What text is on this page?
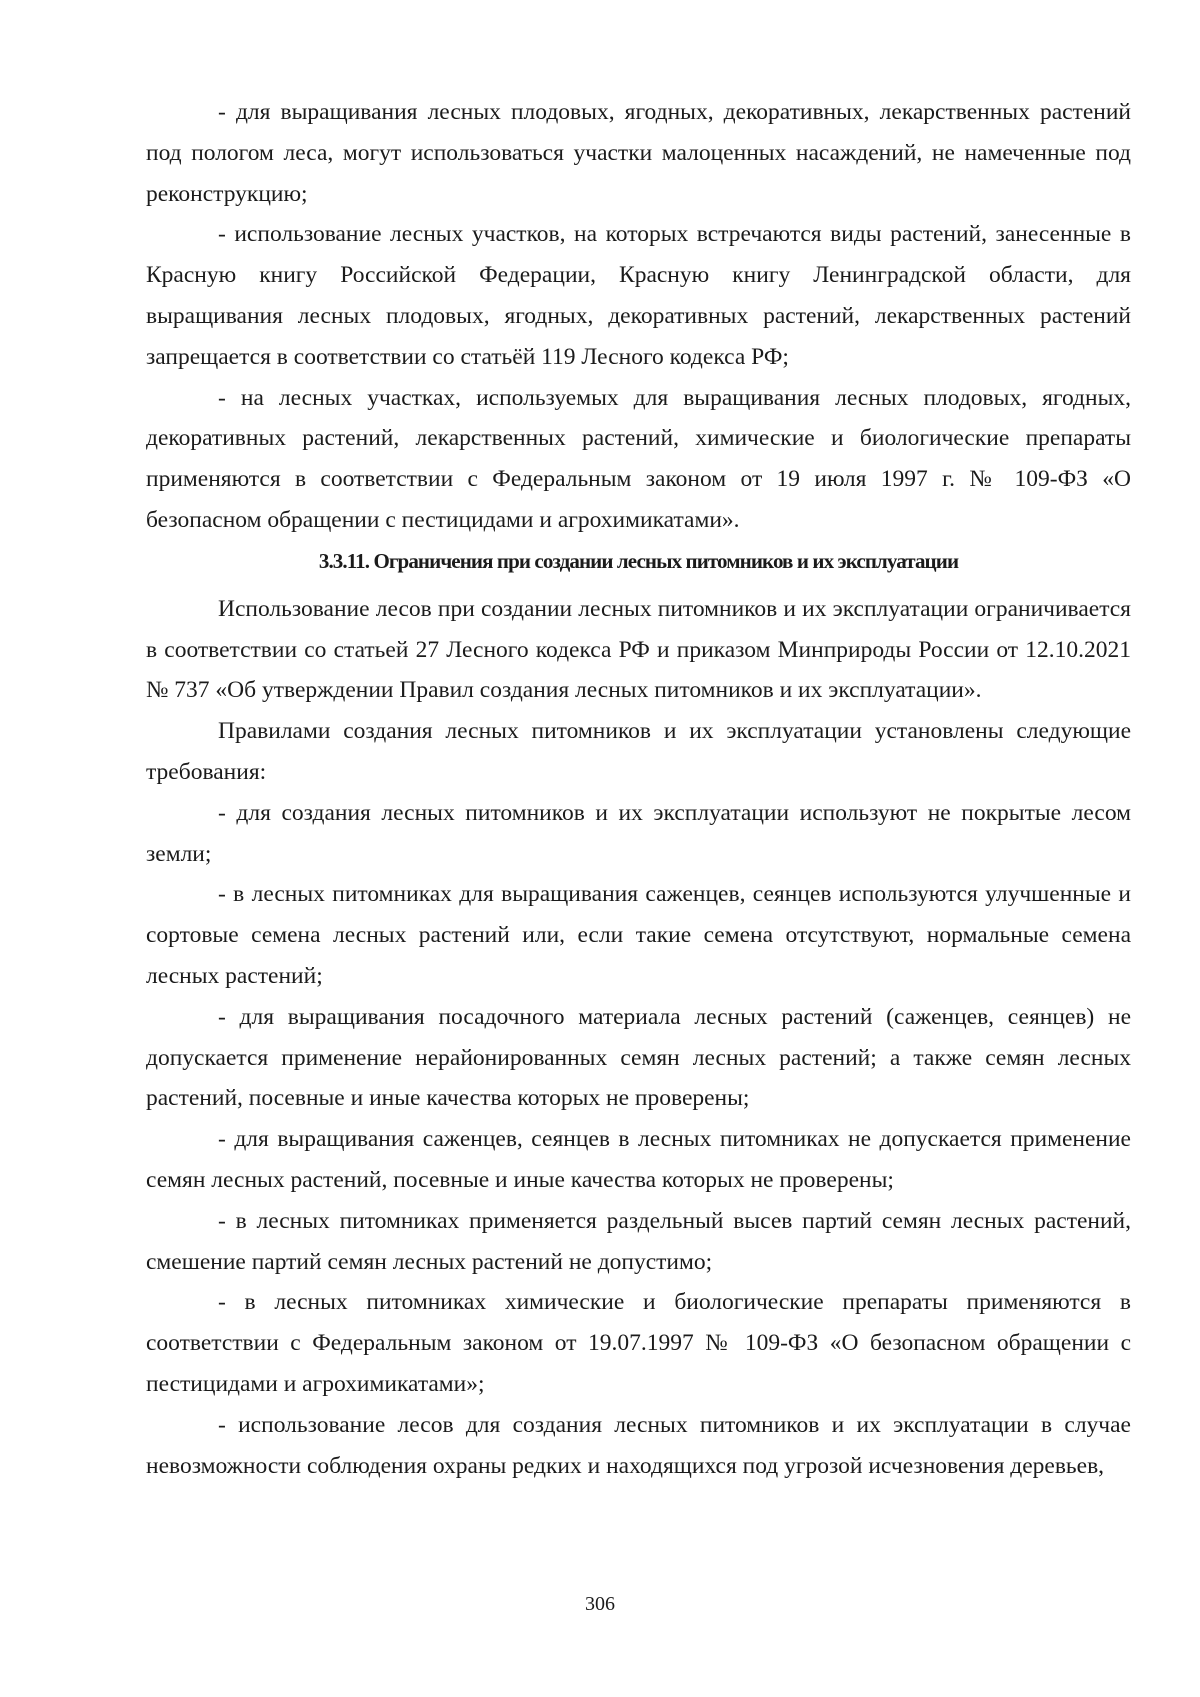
- для выращивания лесных плодовых, ягодных, декоративных, лекарственных растений под пологом леса, могут использоваться участки малоценных насаждений, не намеченные под реконструкцию;

- использование лесных участков, на которых встречаются виды растений, занесенные в Красную книгу Российской Федерации, Красную книгу Ленинградской области, для выращивания лесных плодовых, ягодных, декоративных растений, лекарственных растений запрещается в соответствии со статьёй 119 Лесного кодекса РФ;

- на лесных участках, используемых для выращивания лесных плодовых, ягодных, декоративных растений, лекарственных растений, химические и биологические препараты применяются в соответствии с Федеральным законом от 19 июля 1997 г. № 109-ФЗ «О безопасном обращении с пестицидами и агрохимикатами».

3.3.11. Ограничения при создании лесных питомников и их эксплуатации

Использование лесов при создании лесных питомников и их эксплуатации ограничивается в соответствии со статьей 27 Лесного кодекса РФ и приказом Минприроды России от 12.10.2021 № 737 «Об утверждении Правил создания лесных питомников и их эксплуатации».

Правилами создания лесных питомников и их эксплуатации установлены следующие требования:

- для создания лесных питомников и их эксплуатации используют не покрытые лесом земли;

- в лесных питомниках для выращивания саженцев, сеянцев используются улучшенные и сортовые семена лесных растений или, если такие семена отсутствуют, нормальные семена лесных растений;

- для выращивания посадочного материала лесных растений (саженцев, сеянцев) не допускается применение нерайонированных семян лесных растений; а также семян лесных растений, посевные и иные качества которых не проверены;

- для выращивания саженцев, сеянцев в лесных питомниках не допускается применение семян лесных растений, посевные и иные качества которых не проверены;

- в лесных питомниках применяется раздельный высев партий семян лесных растений, смешение партий семян лесных растений не допустимо;

- в лесных питомниках химические и биологические препараты применяются в соответствии с Федеральным законом от 19.07.1997 № 109-ФЗ «О безопасном обращении с пестицидами и агрохимикатами»;

- использование лесов для создания лесных питомников и их эксплуатации в случае невозможности соблюдения охраны редких и находящихся под угрозой исчезновения деревьев,

306
